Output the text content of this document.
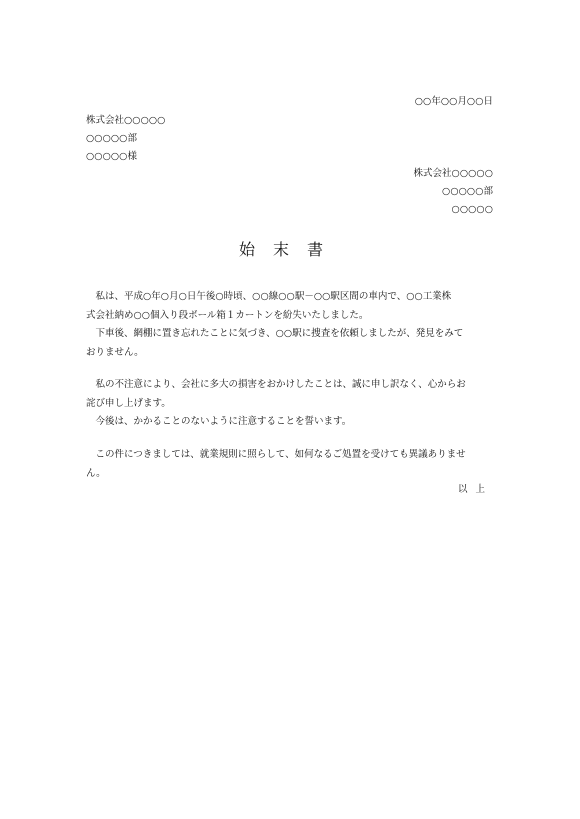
○○年○○月○○日
株式会社○○○○○
○○○○○部
○○○○○様
株式会社○○○○○
○○○○○部
○○○○○
始末書
　私は、平成○年○月○日午後○時頃、○○線○○駅－○○駅区間の車内で、○○工業株
式会社納め○○個入り段ボール箱１カートンを紛失いたしました。
　下車後、網棚に置き忘れたことに気づき、○○駅に捜査を依頼しましたが、発見をみて
おりません。
　私の不注意により、会社に多大の損害をおかけしたことは、誠に申し訳なく、心からお
詫び申し上げます。
　今後は、かかることのないように注意することを誓います。
　この件につきましては、就業規則に照らして、如何なるご処置を受けても異議ありませ
ん。
以上
